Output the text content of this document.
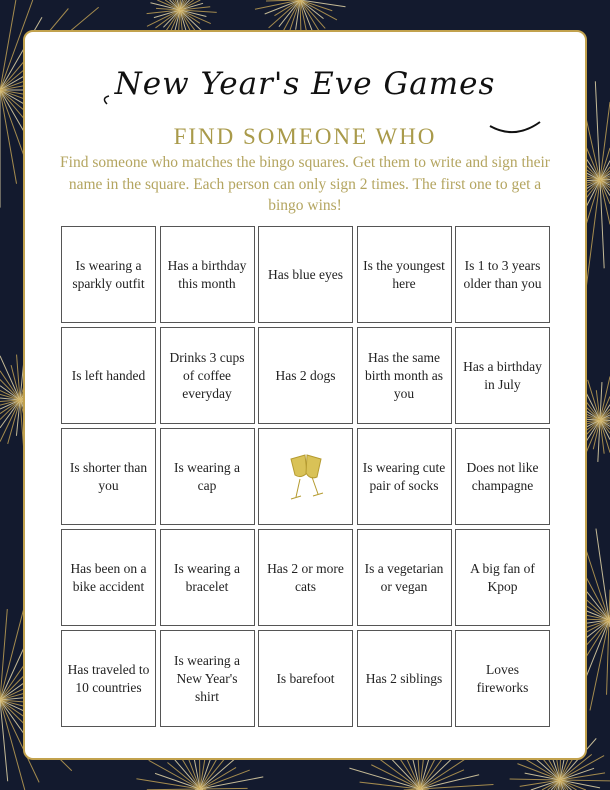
New Year's Eve Games
FIND SOMEONE WHO
Find someone who matches the bingo squares. Get them to write and sign their name in the square. Each person can only sign 2 times. The first one to get a bingo wins!
Is wearing a sparkly outfit
Has a birthday this month
Has blue eyes
Is the youngest here
Is 1 to 3 years older than you
Is left handed
Drinks 3 cups of coffee everyday
Has 2 dogs
Has the same birth month as you
Has a birthday in July
Is shorter than you
Is wearing a cap
Is wearing cute pair of socks
Does not like champagne
Has been on a bike accident
Is wearing a bracelet
Has 2 or more cats
Is a vegetarian or vegan
A big fan of Kpop
Has traveled to 10 countries
Is wearing a New Year's shirt
Is barefoot	Has 2 siblings
Loves fireworks
